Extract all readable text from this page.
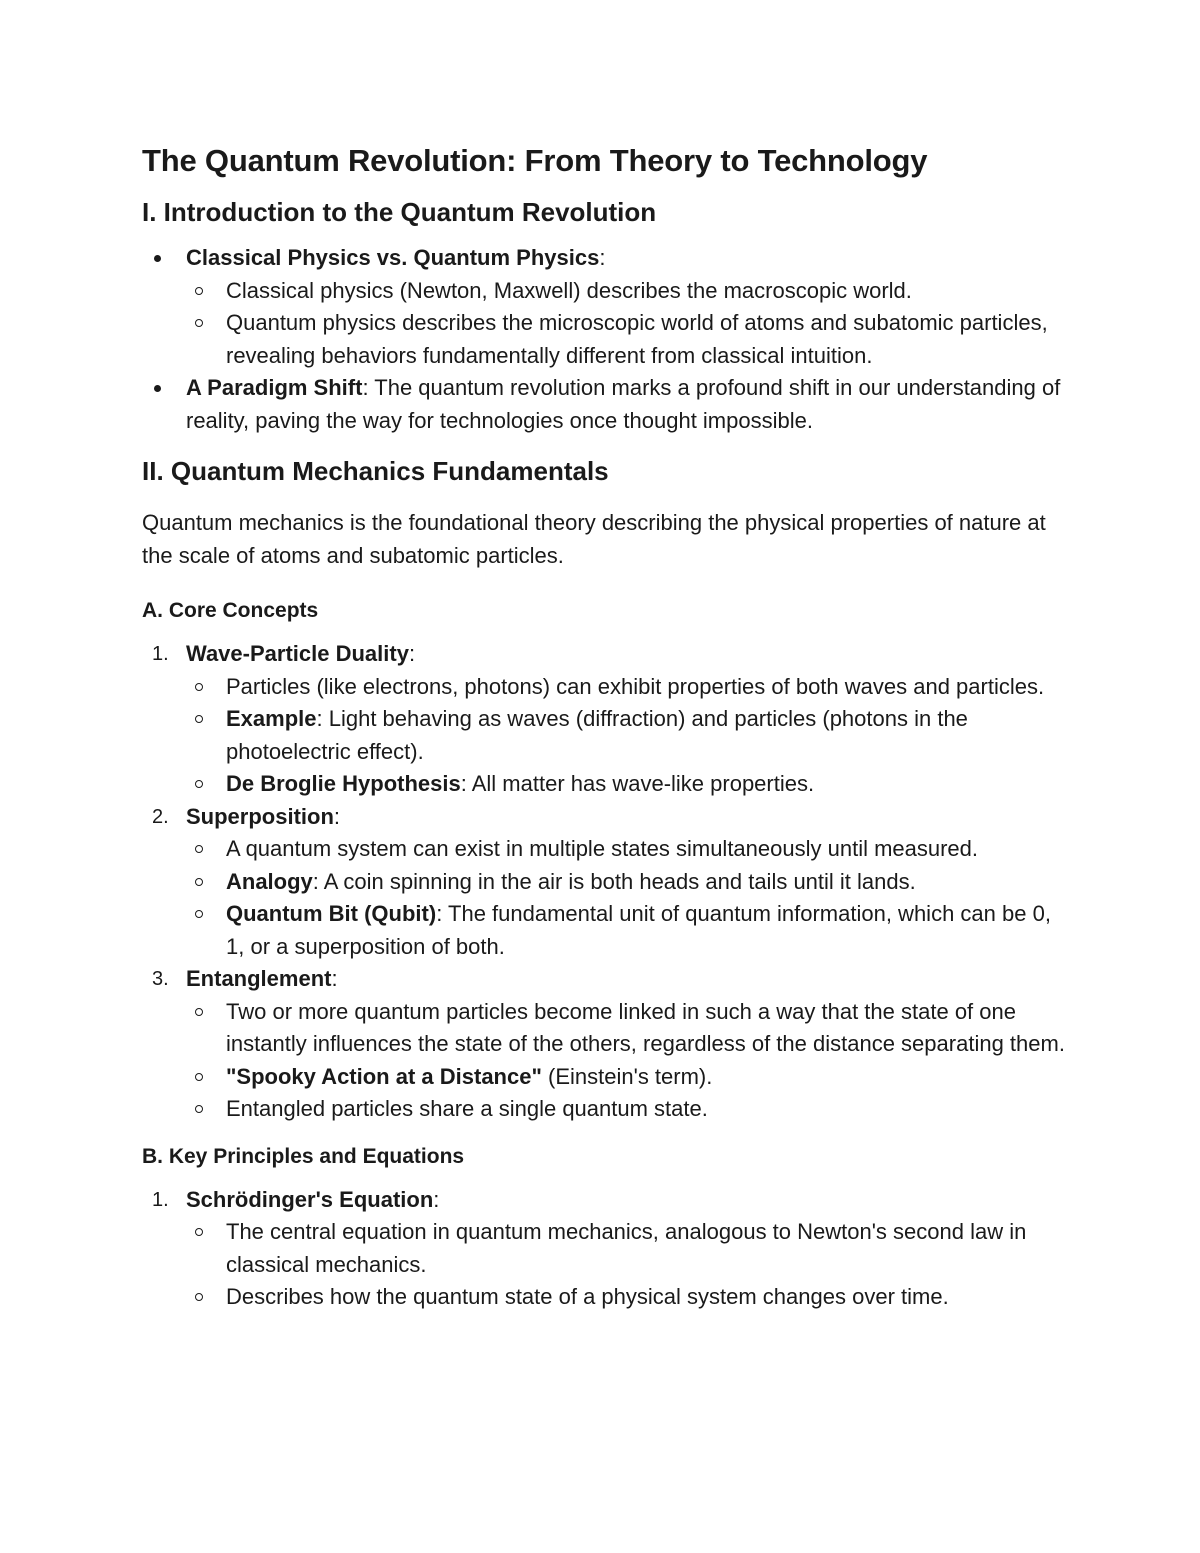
The Quantum Revolution: From Theory to Technology
I. Introduction to the Quantum Revolution
Classical Physics vs. Quantum Physics:
Classical physics (Newton, Maxwell) describes the macroscopic world.
Quantum physics describes the microscopic world of atoms and subatomic particles, revealing behaviors fundamentally different from classical intuition.
A Paradigm Shift: The quantum revolution marks a profound shift in our understanding of reality, paving the way for technologies once thought impossible.
II. Quantum Mechanics Fundamentals

Quantum mechanics is the foundational theory describing the physical properties of nature at the scale of atoms and subatomic particles.

A. Core Concepts
1. Wave-Particle Duality:
Particles (like electrons, photons) can exhibit properties of both waves and particles.
Example: Light behaving as waves (diffraction) and particles (photons in the photoelectric effect).
De Broglie Hypothesis: All matter has wave-like properties.
2. Superposition:
A quantum system can exist in multiple states simultaneously until measured.
Analogy: A coin spinning in the air is both heads and tails until it lands.
Quantum Bit (Qubit): The fundamental unit of quantum information, which can be 0, 1, or a superposition of both.
3. Entanglement:
Two or more quantum particles become linked in such a way that the state of one instantly influences the state of the others, regardless of the distance separating them.
"Spooky Action at a Distance" (Einstein's term).
Entangled particles share a single quantum state.
B. Key Principles and Equations
1. Schrödinger's Equation:
The central equation in quantum mechanics, analogous to Newton's second law in classical mechanics.
Describes how the quantum state of a physical system changes over time.
